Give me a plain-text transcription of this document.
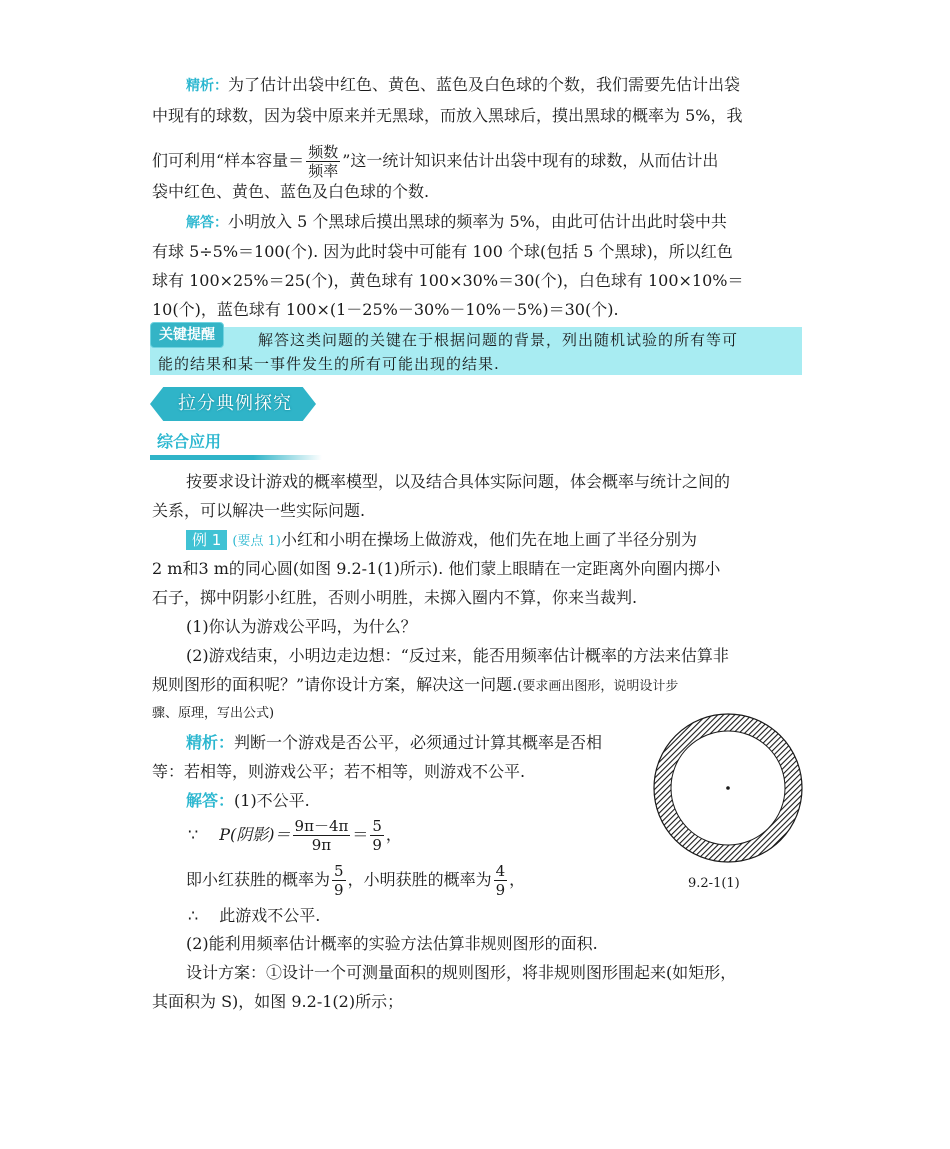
精析：为了估计出袋中红色、黄色、蓝色及白色球的个数，我们需要先估计出袋
中现有的球数，因为袋中原来并无黑球，而放入黑球后，摸出黑球的概率为 5%，我
们可利用“样本容量＝ $\frac{\text{频数}}{\text{频率}}$ ”这一统计知识来估计出袋中现有的球数，从而估计出
袋中红色、黄色、蓝色及白色球的个数.
解答：小明放入 5 个黑球后摸出黑球的频率为 5%，由此可估计出此时袋中共
有球 5÷5%＝100(个). 因为此时袋中可能有 100 个球(包括 5 个黑球)，所以红色
球有 100×25%＝25(个)，黄色球有 100×30%＝30(个)，白色球有 100×10%＝
10(个)，蓝色球有 100×(1－25%－30%－10%－5%)＝30(个).
关键提醒	解答这类问题的关键在于根据问题的背景，列出随机试验的所有等可
能的结果和某一事件发生的所有可能出现的结果.
拉分典例探究
综合应用
按要求设计游戏的概率模型，以及结合具体实际问题，体会概率与统计之间的
关系，可以解决一些实际问题.
例 1 (要点 1)小红和小明在操场上做游戏，他们先在地上画了半径分别为
2 m和3 m的同心圆(如图 9.2-1(1)所示). 他们蒙上眼睛在一定距离外向圈内掷小
石子，掷中阴影小红胜，否则小明胜，未掷入圈内不算，你来当裁判.
(1)你认为游戏公平吗，为什么？
(2)游戏结束，小明边走边想：“反过来，能否用频率估计概率的方法来估算非
规则图形的面积呢？”请你设计方案，解决这一问题.(要求画出图形，说明设计步
骤、原理，写出公式)
精析：判断一个游戏是否公平，必须通过计算其概率是否相
等：若相等，则游戏公平；若不相等，则游戏不公平.
解答：(1)不公平.
∵ P(阴影)＝ $\frac{9\pi-4\pi}{9\pi} = \frac{5}{9}$ ，
即小红获胜的概率为 $\frac{5}{9}$ ，小明获胜的概率为 $\frac{4}{9}$ ，
∴ 此游戏不公平.
(2)能利用频率估计概率的实验方法估算非规则图形的面积.
设计方案：①设计一个可测量面积的规则图形，将非规则图形围起来(如矩形，
其面积为 S)，如图 9.2-1(2)所示；
9.2-1(1)
